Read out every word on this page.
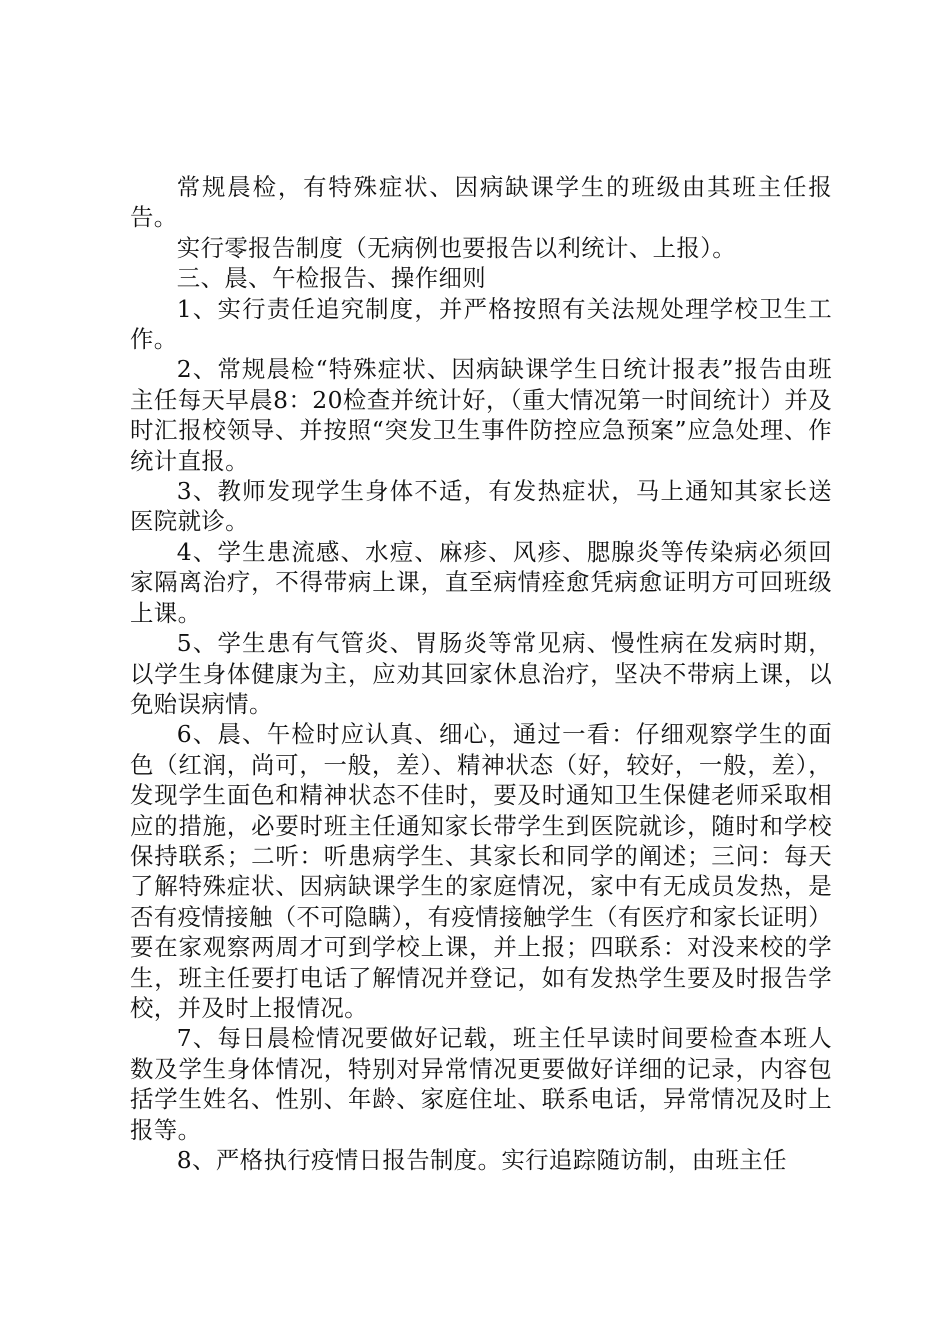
常规晨检，有特殊症状、因病缺课学生的班级由其班主任报告。

实行零报告制度（无病例也要报告以利统计、上报）。

三、晨、午检报告、操作细则

1、实行责任追究制度，并严格按照有关法规处理学校卫生工作。

2、常规晨检“特殊症状、因病缺课学生日统计报表”报告由班主任每天早晨8：20检查并统计好，（重大情况第一时间统计）并及时汇报校领导、并按照“突发卫生事件防控应急预案”应急处理、作统计直报。

3、教师发现学生身体不适，有发热症状，马上通知其家长送医院就诊。

4、学生患流感、水痘、麻疹、风疹、腮腺炎等传染病必须回家隔离治疗，不得带病上课，直至病情痊愈凭病愈证明方可回班级上课。

5、学生患有气管炎、胃肠炎等常见病、慢性病在发病时期，以学生身体健康为主，应劝其回家休息治疗，坚决不带病上课，以免贻误病情。

6、晨、午检时应认真、细心，通过一看：仔细观察学生的面色（红润，尚可，一般，差）、精神状态（好，较好，一般，差），发现学生面色和精神状态不佳时，要及时通知卫生保健老师采取相应的措施，必要时班主任通知家长带学生到医院就诊，随时和学校保持联系；二听：听患病学生、其家长和同学的阐述；三问：每天了解特殊症状、因病缺课学生的家庭情况，家中有无成员发热，是否有疫情接触（不可隐瞒），有疫情接触学生（有医疗和家长证明）要在家观察两周才可到学校上课，并上报；四联系：对没来校的学生，班主任要打电话了解情况并登记，如有发热学生要及时报告学校，并及时上报情况。

7、每日晨检情况要做好记载，班主任早读时间要检查本班人数及学生身体情况，特别对异常情况更要做好详细的记录，内容包括学生姓名、性别、年龄、家庭住址、联系电话，异常情况及时上报等。

8、严格执行疫情日报告制度。实行追踪随访制，由班主任
